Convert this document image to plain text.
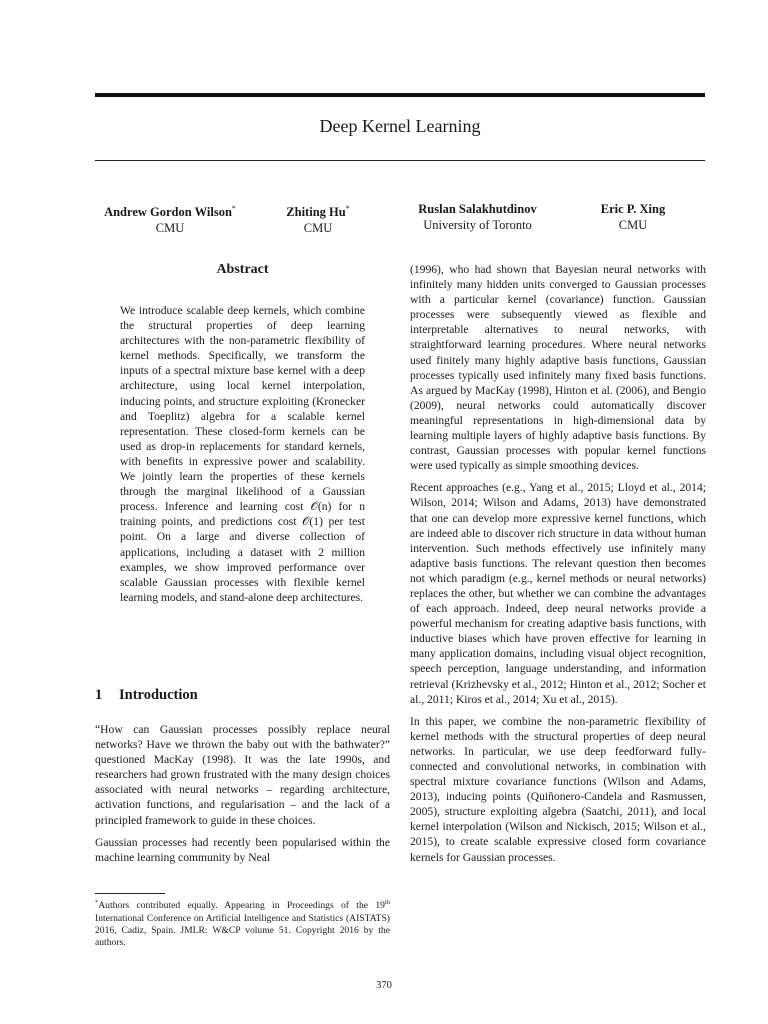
Deep Kernel Learning
Andrew Gordon Wilson*
CMU
Zhiting Hu*
CMU
Ruslan Salakhutdinov
University of Toronto
Eric P. Xing
CMU
Abstract

We introduce scalable deep kernels, which combine the structural properties of deep learning architectures with the non-parametric flexibility of kernel methods. Specifically, we transform the inputs of a spectral mixture base kernel with a deep architecture, using local kernel interpolation, inducing points, and structure exploiting (Kronecker and Toeplitz) algebra for a scalable kernel representation. These closed-form kernels can be used as drop-in replacements for standard kernels, with benefits in expressive power and scalability. We jointly learn the properties of these kernels through the marginal likelihood of a Gaussian process. Inference and learning cost 𝒪(n) for n training points, and predictions cost 𝒪(1) per test point. On a large and diverse collection of applications, including a dataset with 2 million examples, we show improved performance over scalable Gaussian processes with flexible kernel learning models, and stand-alone deep architectures.

1 Introduction

“How can Gaussian processes possibly replace neural networks? Have we thrown the baby out with the bathwater?” questioned MacKay (1998). It was the late 1990s, and researchers had grown frustrated with the many design choices associated with neural networks – regarding architecture, activation functions, and regularisation – and the lack of a principled framework to guide in these choices.

Gaussian processes had recently been popularised within the machine learning community by Neal

*Authors contributed equally. Appearing in Proceedings of the 19th International Conference on Artificial Intelligence and Statistics (AISTATS) 2016, Cadiz, Spain. JMLR: W&CP volume 51. Copyright 2016 by the authors.

(1996), who had shown that Bayesian neural networks with infinitely many hidden units converged to Gaussian processes with a particular kernel (covariance) function. Gaussian processes were subsequently viewed as flexible and interpretable alternatives to neural networks, with straightforward learning procedures. Where neural networks used finitely many highly adaptive basis functions, Gaussian processes typically used infinitely many fixed basis functions. As argued by MacKay (1998), Hinton et al. (2006), and Bengio (2009), neural networks could automatically discover meaningful representations in high-dimensional data by learning multiple layers of highly adaptive basis functions. By contrast, Gaussian processes with popular kernel functions were used typically as simple smoothing devices.

Recent approaches (e.g., Yang et al., 2015; Lloyd et al., 2014; Wilson, 2014; Wilson and Adams, 2013) have demonstrated that one can develop more expressive kernel functions, which are indeed able to discover rich structure in data without human intervention. Such methods effectively use infinitely many adaptive basis functions. The relevant question then becomes not which paradigm (e.g., kernel methods or neural networks) replaces the other, but whether we can combine the advantages of each approach. Indeed, deep neural networks provide a powerful mechanism for creating adaptive basis functions, with inductive biases which have proven effective for learning in many application domains, including visual object recognition, speech perception, language understanding, and information retrieval (Krizhevsky et al., 2012; Hinton et al., 2012; Socher et al., 2011; Kiros et al., 2014; Xu et al., 2015).

In this paper, we combine the non-parametric flexibility of kernel methods with the structural properties of deep neural networks. In particular, we use deep feedforward fully-connected and convolutional networks, in combination with spectral mixture covariance functions (Wilson and Adams, 2013), inducing points (Quiñonero-Candela and Rasmussen, 2005), structure exploiting algebra (Saatchi, 2011), and local kernel interpolation (Wilson and Nickisch, 2015; Wilson et al., 2015), to create scalable expressive closed form covariance kernels for Gaussian processes.

370
